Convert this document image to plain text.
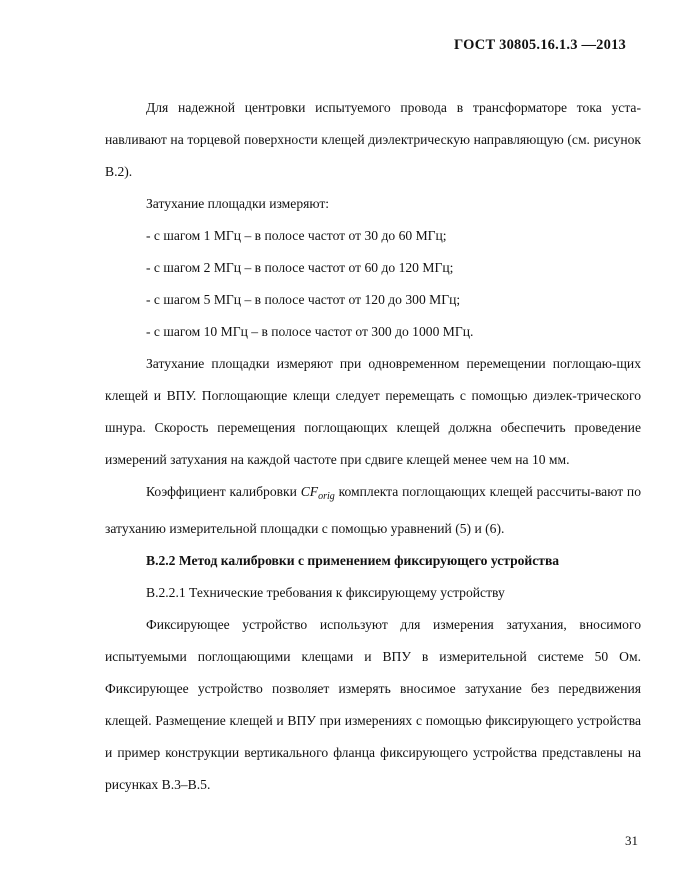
ГОСТ 30805.16.1.3 —2013

Для надежной центровки испытуемого провода в трансформаторе тока уста-навливают на торцевой поверхности клещей диэлектрическую направляющую (см. рисунок В.2).

Затухание площадки измеряют:

- с шагом 1 МГц – в полосе частот от 30 до 60 МГц;

- с шагом 2 МГц – в полосе частот от 60 до 120 МГц;

- с шагом 5 МГц – в полосе частот от 120 до 300 МГц;

- с шагом 10 МГц – в полосе частот от 300 до 1000 МГц.

Затухание площадки измеряют при одновременном перемещении поглощаю-щих клещей и ВПУ. Поглощающие клещи следует перемещать с помощью диэлек-трического шнура. Скорость перемещения поглощающих клещей должна обеспечить проведение измерений затухания на каждой частоте при сдвиге клещей менее чем на 10 мм.

Коэффициент калибровки $CF_{orig}$ комплекта поглощающих клещей рассчиты-вают по затуханию измерительной площадки с помощью уравнений (5) и (6).

В.2.2 Метод калибровки с применением фиксирующего устройства

В.2.2.1 Технические требования к фиксирующему устройству

Фиксирующее устройство используют для измерения затухания, вносимого испытуемыми поглощающими клещами и ВПУ в измерительной системе 50 Ом. Фиксирующее устройство позволяет измерять вносимое затухание без передвижения клещей. Размещение клещей и ВПУ при измерениях с помощью фиксирующего устройства и пример конструкции вертикального фланца фиксирующего устройства представлены на рисунках В.3–В.5.

31
